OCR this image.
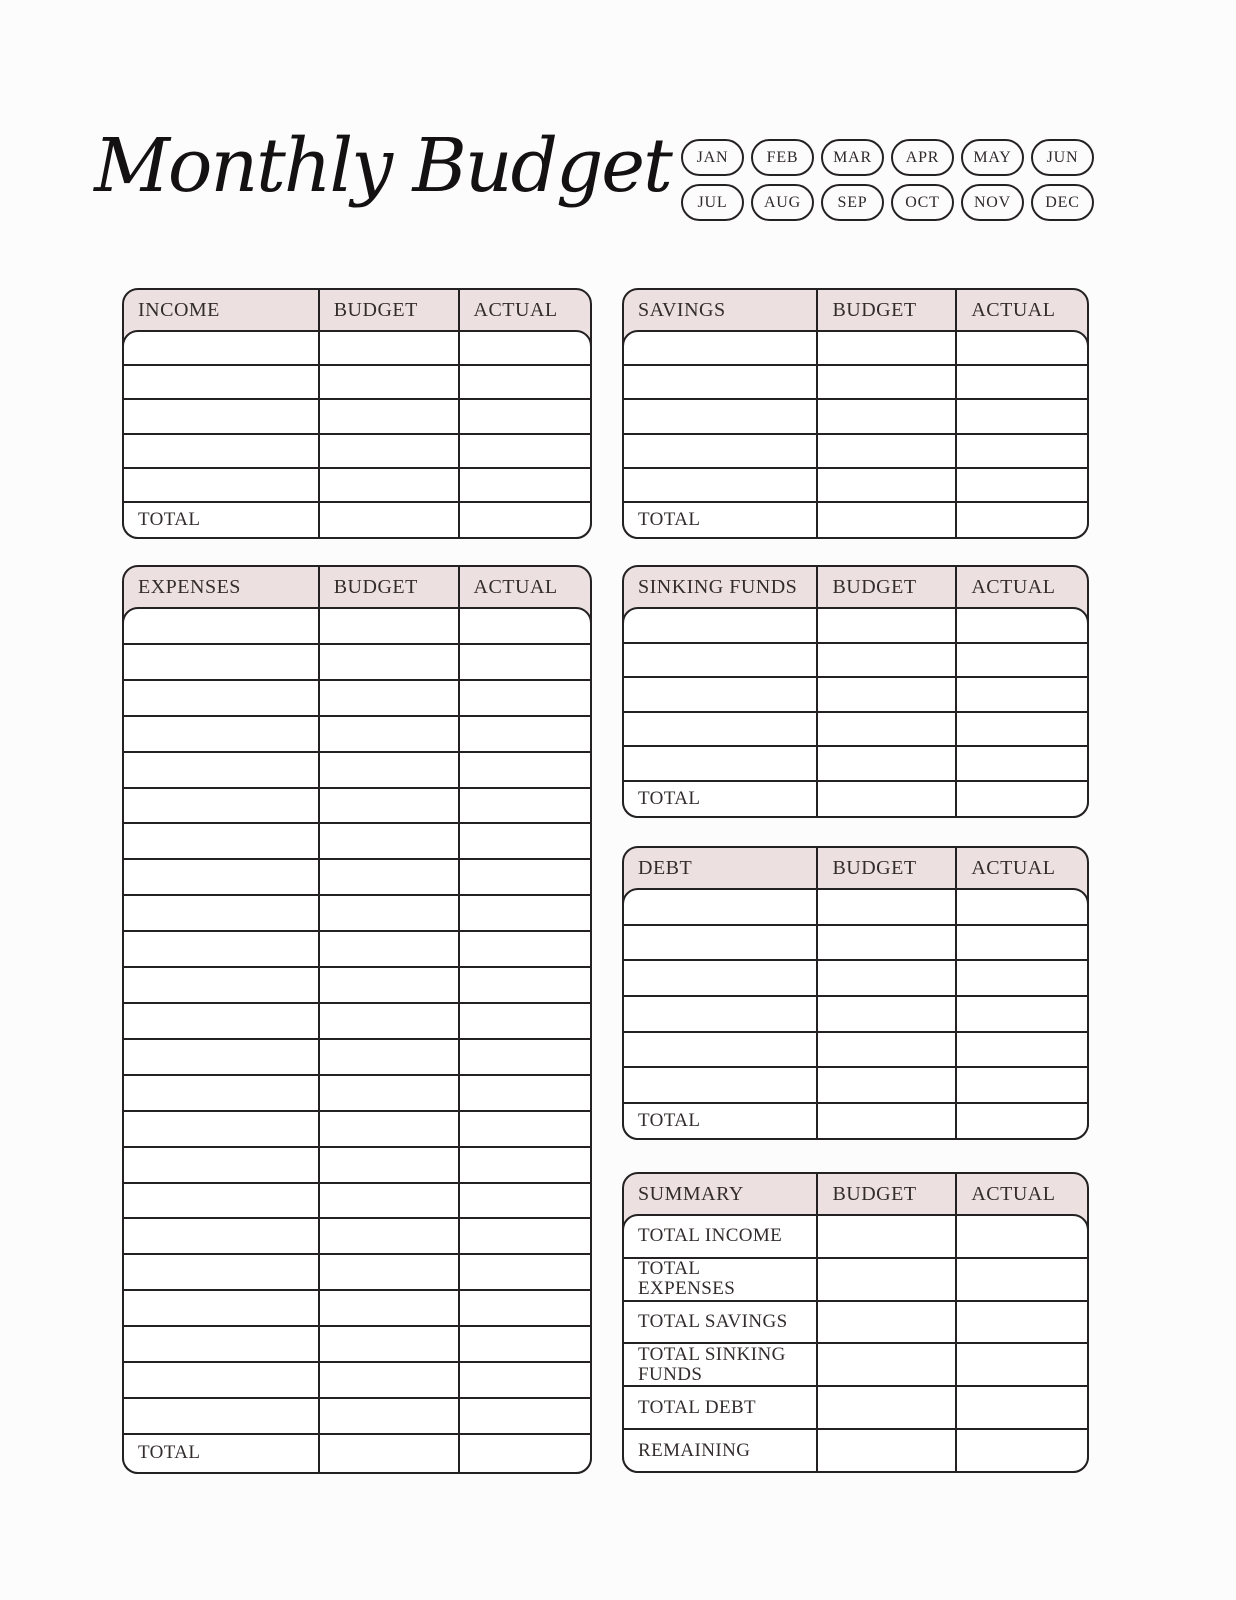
Monthly Budget	JAN	FEB	MAR	APR	MAY	JUN
JUL	AUG	SEP	OCT	NOV	DEC
INCOME	BUDGET	ACTUAL
TOTAL
EXPENSES	BUDGET	ACTUAL
TOTAL
SAVINGS	BUDGET	ACTUAL
TOTAL
SINKING FUNDS	BUDGET	ACTUAL
TOTAL
DEBT	BUDGET	ACTUAL
TOTAL
SUMMARY	BUDGET	ACTUAL
TOTAL INCOME
TOTAL EXPENSES
TOTAL SAVINGS
TOTAL SINKING FUNDS
TOTAL DEBT
REMAINING
